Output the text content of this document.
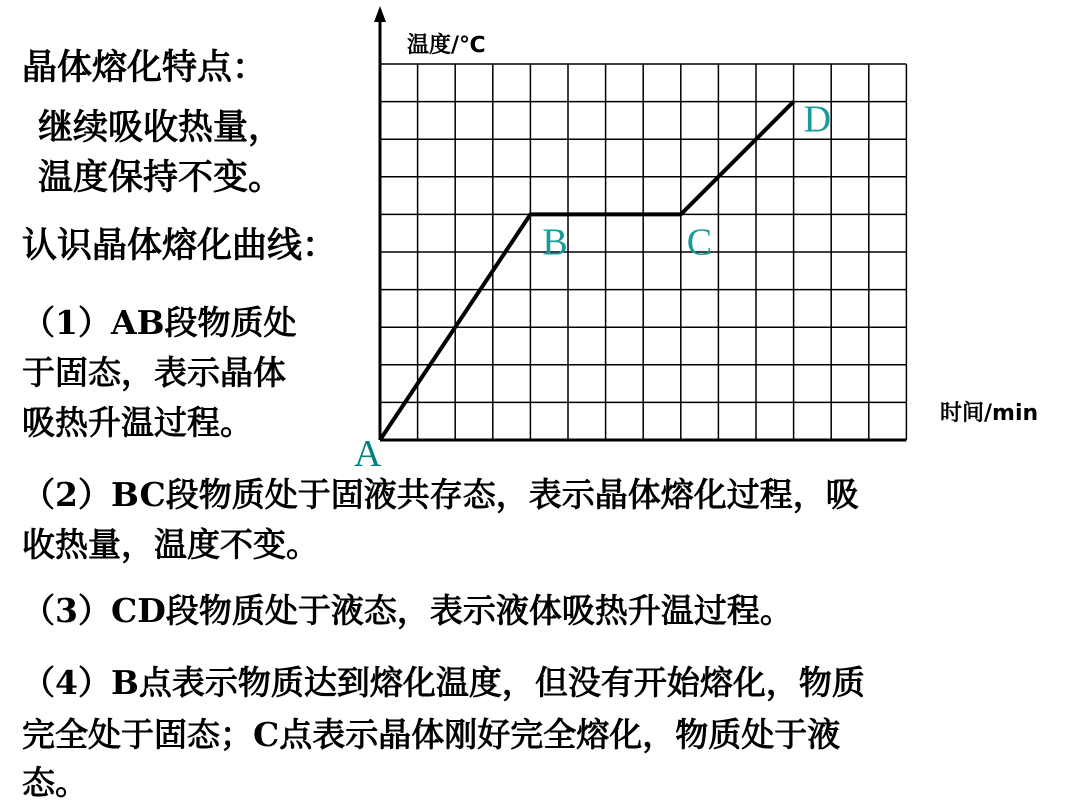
A
B	C
D
温度/℃
时间/min
晶体熔化特点：
继续吸收热量，
温度保持不变。
认识晶体熔化曲线：
（1）AB段物质处
于固态，表示晶体
吸热升温过程。
（2）BC段物质处于固液共存态，表示晶体熔化过程，吸
收热量，温度不变。
（3）CD段物质处于液态，表示液体吸热升温过程。
（4）B点表示物质达到熔化温度，但没有开始熔化，物质
完全处于固态；C点表示晶体刚好完全熔化，物质处于液
态。
